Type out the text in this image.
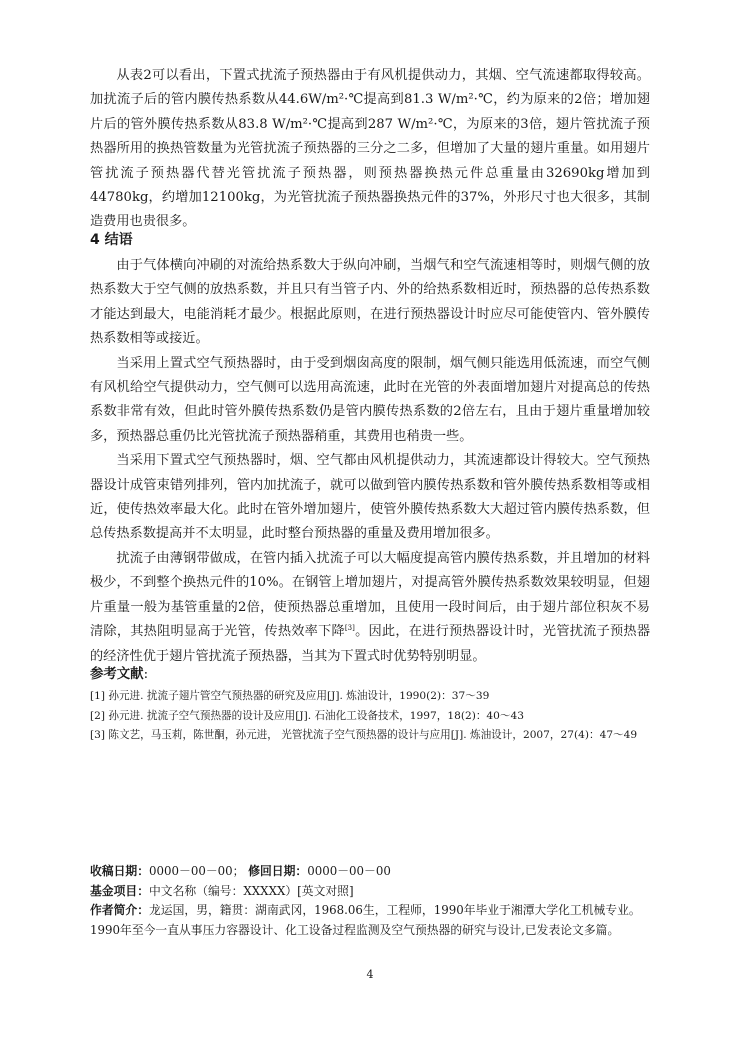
从表2可以看出，下置式扰流子预热器由于有风机提供动力，其烟、空气流速都取得较高。加扰流子后的管内膜传热系数从44.6W/m²·℃提高到81.3 W/m²·℃，约为原来的2倍；增加翅片后的管外膜传热系数从83.8 W/m²·℃提高到287 W/m²·℃，为原来的3倍，翅片管扰流子预热器所用的换热管数量为光管扰流子预热器的三分之二多，但增加了大量的翅片重量。如用翅片管扰流子预热器代替光管扰流子预热器，则预热器换热元件总重量由32690kg增加到44780kg，约增加12100kg，为光管扰流子预热器换热元件的37%，外形尺寸也大很多，其制造费用也贵很多。

4 结语

由于气体横向冲刷的对流给热系数大于纵向冲刷，当烟气和空气流速相等时，则烟气侧的放热系数大于空气侧的放热系数，并且只有当管子内、外的给热系数相近时，预热器的总传热系数才能达到最大，电能消耗才最少。根据此原则，在进行预热器设计时应尽可能使管内、管外膜传热系数相等或接近。

当采用上置式空气预热器时，由于受到烟囱高度的限制，烟气侧只能选用低流速，而空气侧有风机给空气提供动力，空气侧可以选用高流速，此时在光管的外表面增加翅片对提高总的传热系数非常有效，但此时管外膜传热系数仍是管内膜传热系数的2倍左右，且由于翅片重量增加较多，预热器总重仍比光管扰流子预热器稍重，其费用也稍贵一些。

当采用下置式空气预热器时，烟、空气都由风机提供动力，其流速都设计得较大。空气预热器设计成管束错列排列，管内加扰流子，就可以做到管内膜传热系数和管外膜传热系数相等或相近，使传热效率最大化。此时在管外增加翅片，使管外膜传热系数大大超过管内膜传热系数，但总传热系数提高并不太明显，此时整台预热器的重量及费用增加很多。

扰流子由薄钢带做成，在管内插入扰流子可以大幅度提高管内膜传热系数，并且增加的材料极少，不到整个换热元件的10%。在钢管上增加翅片，对提高管外膜传热系数效果较明显，但翅片重量一般为基管重量的2倍，使预热器总重增加，且使用一段时间后，由于翅片部位积灰不易清除，其热阻明显高于光管，传热效率下降[3]。因此，在进行预热器设计时，光管扰流子预热器的经济性优于翅片管扰流子预热器，当其为下置式时优势特别明显。

参考文献:
[1] 孙元进. 扰流子翅片管空气预热器的研究及应用[J]. 炼油设计，1990(2)：37～39
[2] 孙元进. 扰流子空气预热器的设计及应用[J]. 石油化工设备技术，1997，18(2)：40～43
[3] 陈文艺，马玉莉，陈世酮，孙元进， 光管扰流子空气预热器的设计与应用[J]. 炼油设计，2007，27(4)：47～49
收稿日期：0000－00－00； 修回日期：0000－00－00
基金项目：中文名称（编号：XXXXX）[英文对照]
作者简介：龙运国，男，籍贯：湖南武冈，1968.06生，工程师，1990年毕业于湘潭大学化工机械专业。1990年至今一直从事压力容器设计、化工设备过程监测及空气预热器的研究与设计,已发表论文多篇。
4
